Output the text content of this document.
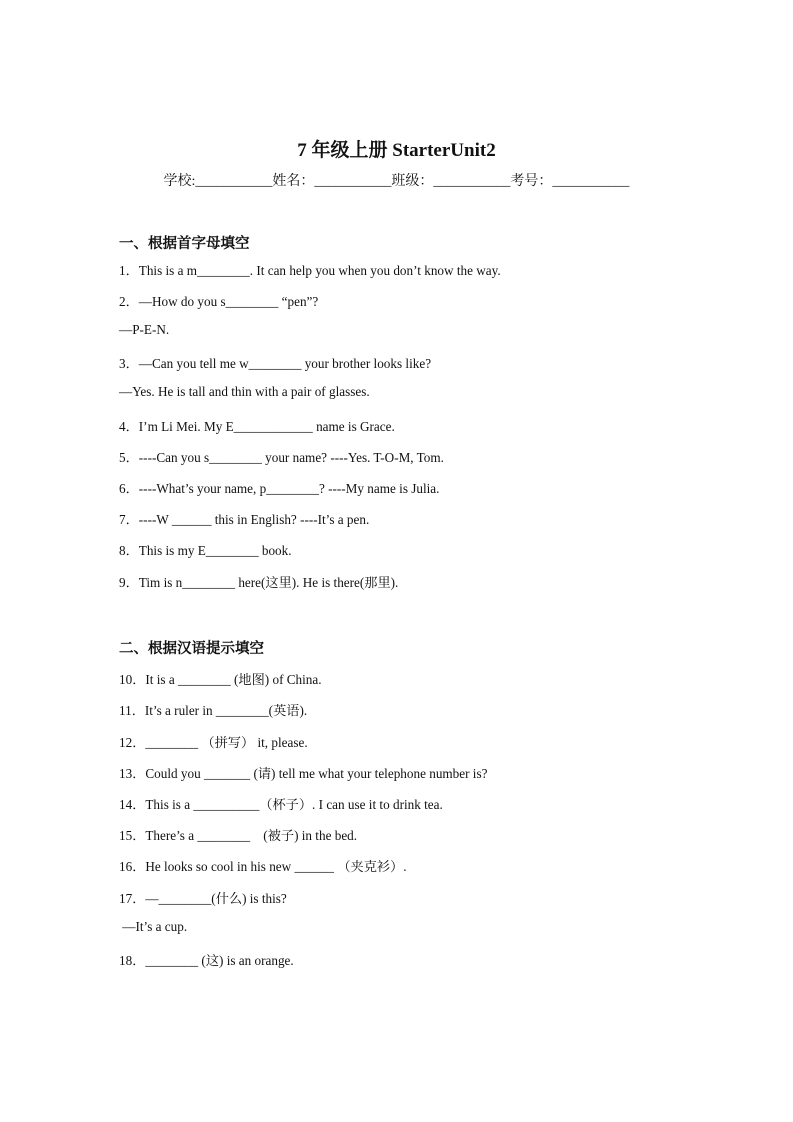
7 年级上册 StarterUnit2
学校:___________姓名：___________班级：___________考号：___________
一、根据首字母填空
1．This is a m________. It can help you when you don’t know the way.
2．—How do you s________ “pen”?
—P-E-N.
3．—Can you tell me w________ your brother looks like?
—Yes. He is tall and thin with a pair of glasses.
4．I’m Li Mei. My E____________ name is Grace.
5．----Can you s________ your name? ----Yes. T-O-M, Tom.
6．----What’s your name, p________? ----My name is Julia.
7．----W ______ this in English? ----It’s a pen.
8．This is my E________ book.
9．Tim is n________ here(这里). He is there(那里).
二、根据汉语提示填空
10．It is a ________ (地图) of China.
11．It’s a ruler in ________(英语).
12．________ （拼写） it, please.
13．Could you _______ (请) tell me what your telephone number is?
14．This is a __________（杯子）. I can use it to drink tea.
15．There’s a ________    (被子) in the bed.
16．He looks so cool in his new ______ （夹克衫）.
17．—________(什么) is this?
—It’s a cup.
18．________ (这) is an orange.
